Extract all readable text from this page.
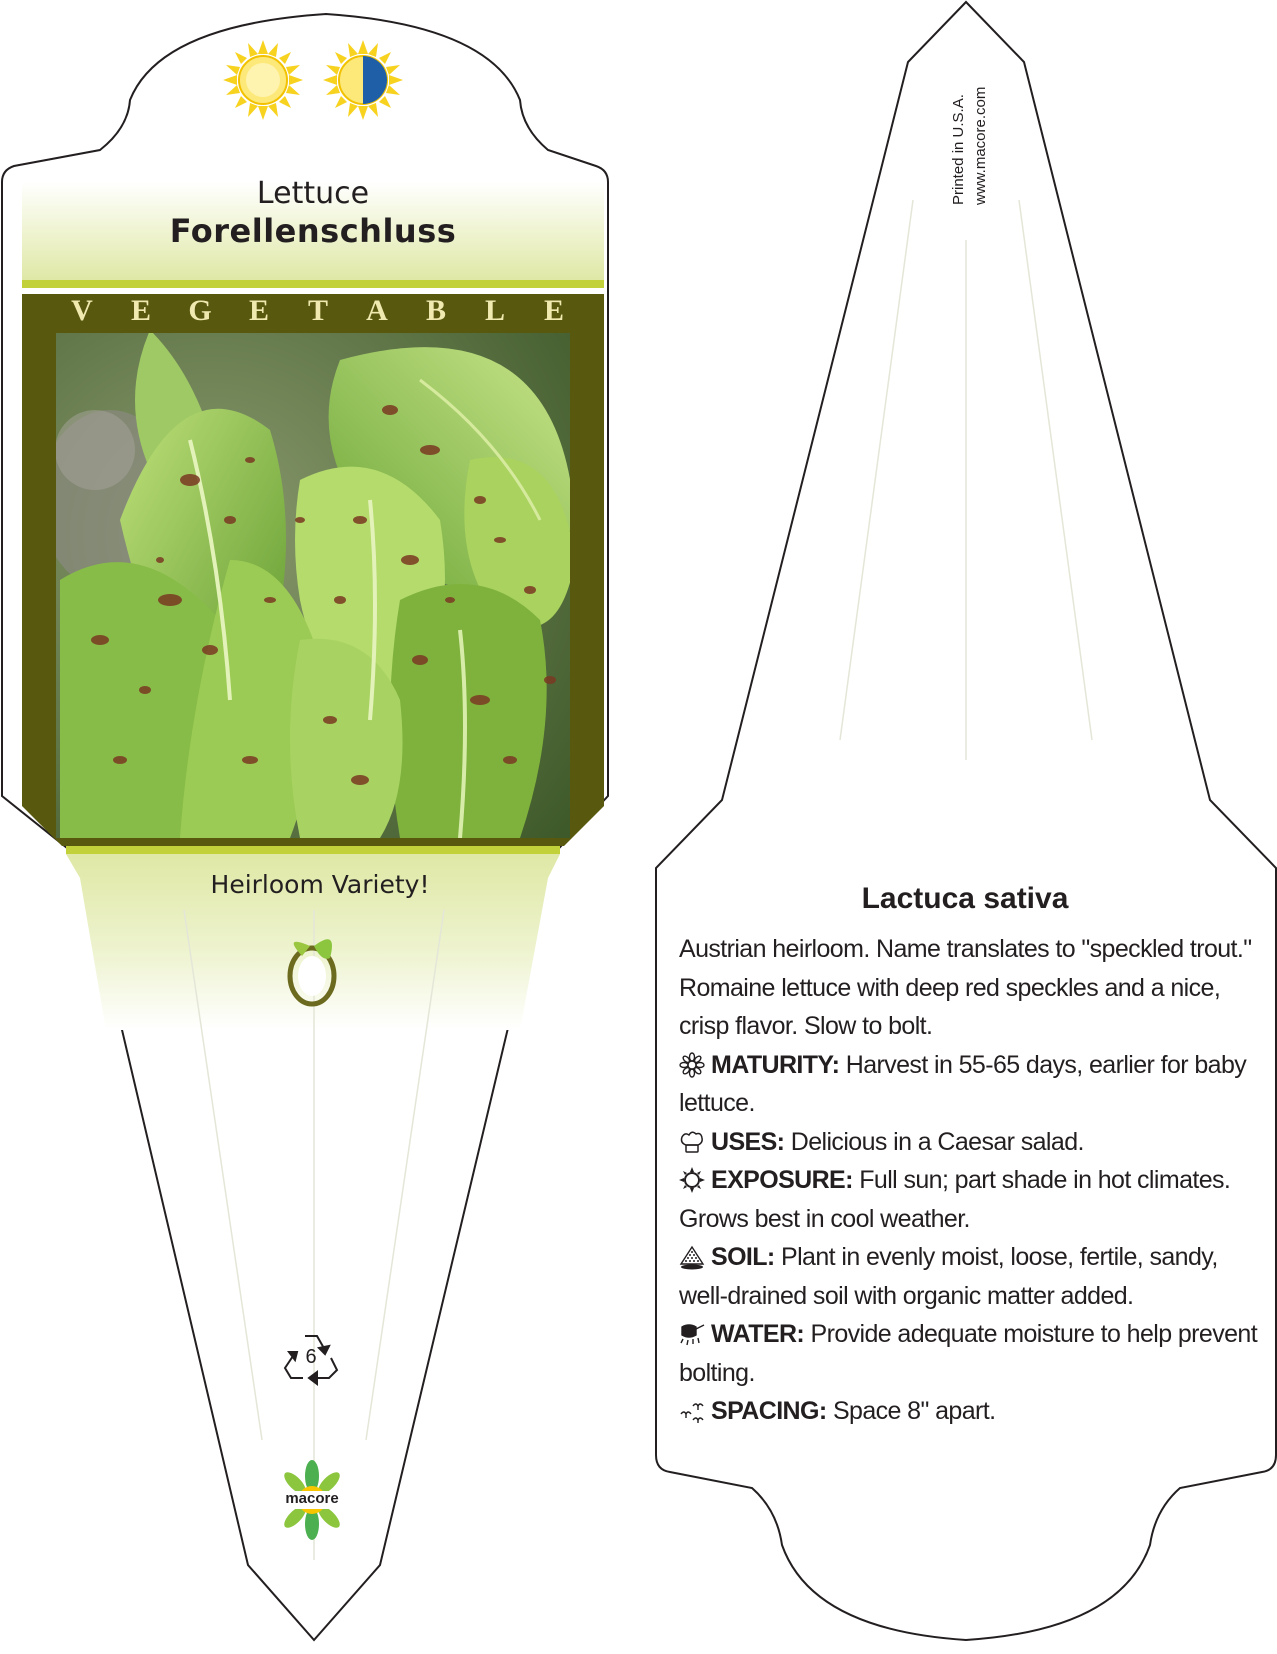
Lettuce
Forellenschluss
V E G E T A B L E
Heirloom Variety!
6
macore
Printed in U.S.A. www.macore.com
Lactuca sativa

Austrian heirloom. Name translates to "speckled trout." Romaine lettuce with deep red speckles and a nice, crisp flavor. Slow to bolt.

MATURITY: Harvest in 55-65 days, earlier for baby lettuce.

USES: Delicious in a Caesar salad.

EXPOSURE: Full sun; part shade in hot climates. Grows best in cool weather.

SOIL: Plant in evenly moist, loose, fertile, sandy, well-drained soil with organic matter added.

WATER: Provide adequate moisture to help prevent bolting.

SPACING: Space 8" apart.
